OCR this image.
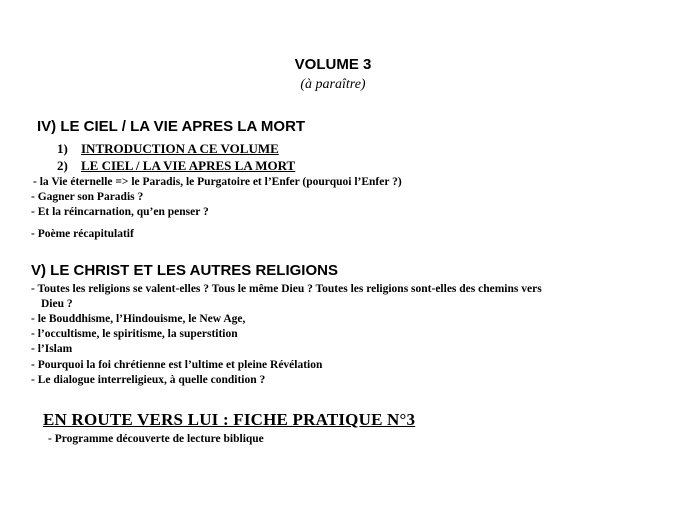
VOLUME 3
(à paraître)
IV) LE CIEL / LA VIE APRES LA MORT
1) INTRODUCTION A CE VOLUME
2) LE CIEL / LA VIE APRES LA MORT
- la Vie éternelle => le Paradis, le Purgatoire et l’Enfer (pourquoi l’Enfer ?)
- Gagner son Paradis ?
- Et la réincarnation, qu’en penser ?
- Poème récapitulatif
V) LE CHRIST ET LES AUTRES RELIGIONS
- Toutes les religions se valent-elles ? Tous le même Dieu ? Toutes les religions sont-elles des chemins vers
Dieu ?
- le Bouddhisme, l’Hindouisme, le New Age,
- l’occultisme, le spiritisme, la superstition
- l’Islam
- Pourquoi la foi chrétienne est l’ultime et pleine Révélation
- Le dialogue interreligieux, à quelle condition ?
EN ROUTE VERS LUI : FICHE PRATIQUE N°3
- Programme découverte de lecture biblique
